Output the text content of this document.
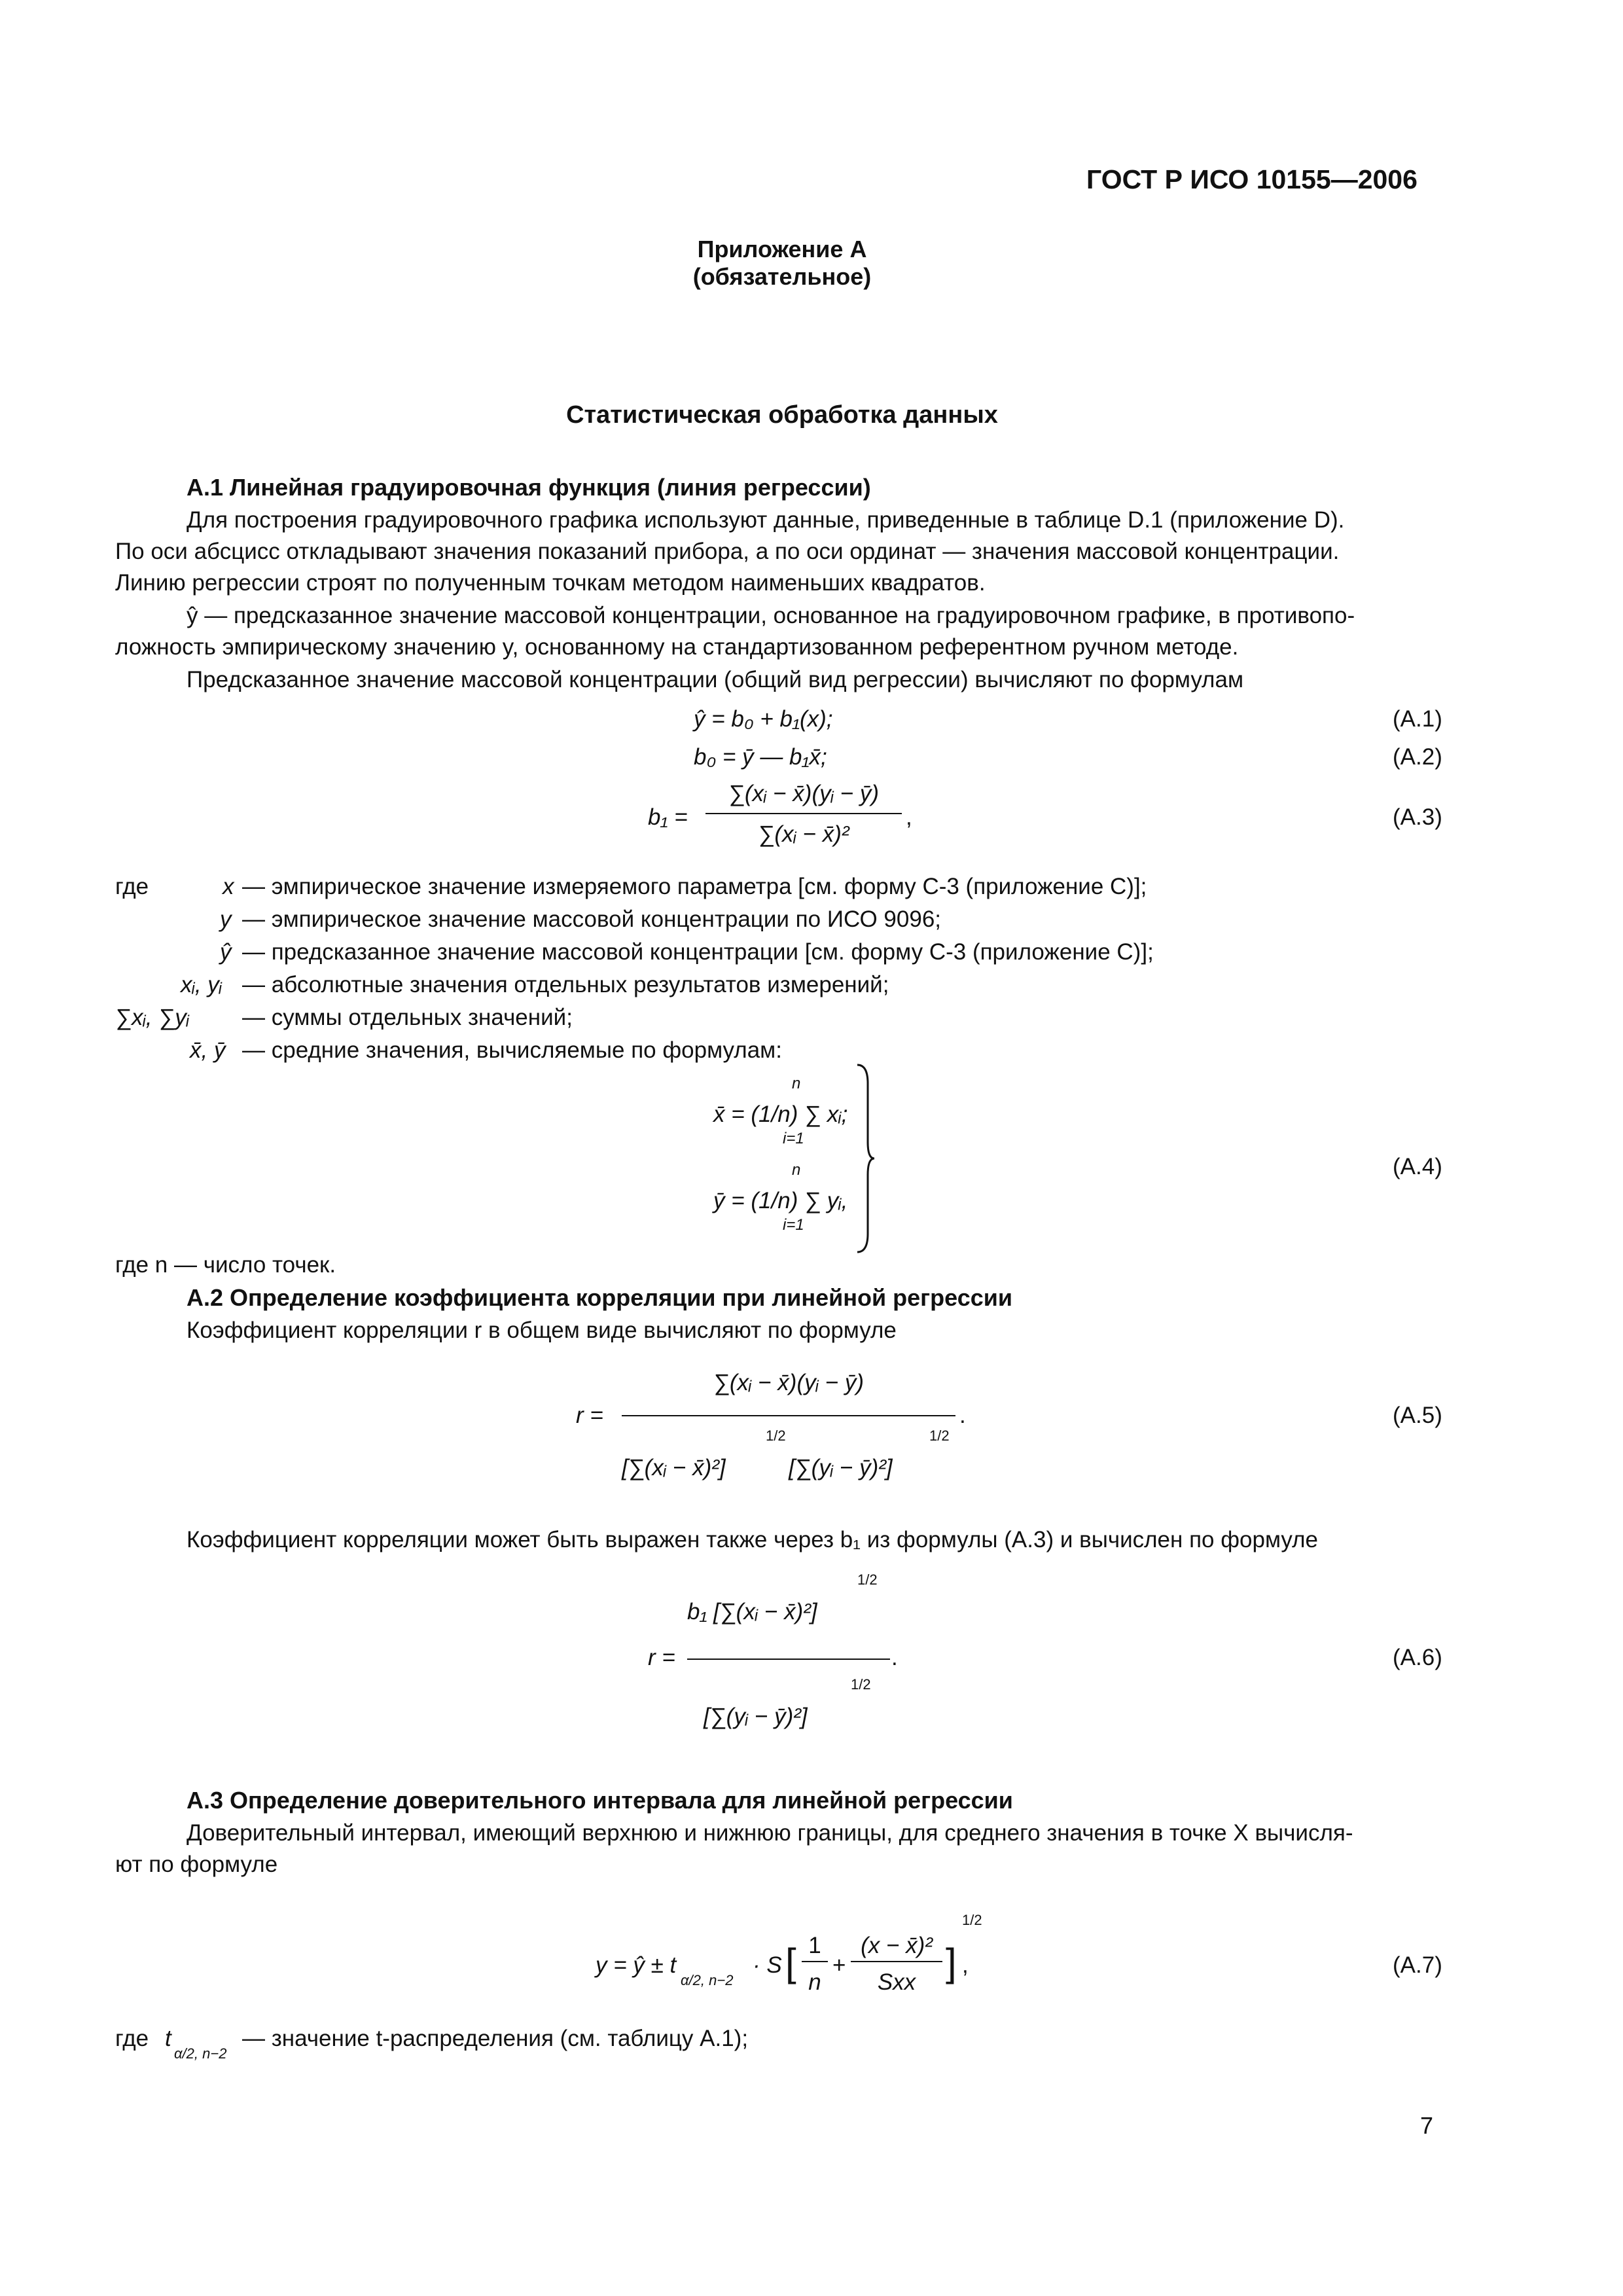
ГОСТ Р ИСО 10155—2006
Приложение А
(обязательное)
Статистическая обработка данных
А.1 Линейная градуировочная функция (линия регрессии)
Для построения градуировочного графика используют данные, приведенные в таблице D.1 (приложение D).
По оси абсцисс откладывают значения показаний прибора, а по оси ординат — значения массовой концентрации.
Линию регрессии строят по полученным точкам методом наименьших квадратов.
ŷ — предсказанное значение массовой концентрации, основанное на градуировочном графике, в противопо-
ложность эмпирическому значению y, основанному на стандартизованном референтном ручном методе.
Предсказанное значение массовой концентрации (общий вид регрессии) вычисляют по формулам
ŷ = b₀ + b₁(x);	(А.1)
b₀ = ȳ — b₁x̄;	(А.2)
b₁ =
∑(xᵢ − x̄)(yᵢ − ȳ)
∑(xᵢ − x̄)²
,	(А.3)
где	x — эмпирическое значение измеряемого параметра [см. форму С-3 (приложение С)];
y — эмпирическое значение массовой концентрации по ИСО 9096;
ŷ — предсказанное значение массовой концентрации [см. форму С-3 (приложение С)];
xᵢ, yᵢ — абсолютные значения отдельных результатов измерений;
∑xᵢ, ∑yᵢ — суммы отдельных значений;
x̄, ȳ — средние значения, вычисляемые по формулам:
x̄ = (1/n) ∑ xᵢ;
n
i=1
ȳ = (1/n) ∑ yᵢ,
n
i=1
(А.4)
где n — число точек.
А.2 Определение коэффициента корреляции при линейной регрессии
Коэффициент корреляции r в общем виде вычисляют по формуле
r =
∑(xᵢ − x̄)(yᵢ − ȳ)
[∑(xᵢ − x̄)²]
1/2
[∑(yᵢ − ȳ)²]
1/2
.	(А.5)
Коэффициент корреляции может быть выражен также через b₁ из формулы (А.3) и вычислен по формуле
r =
b₁ [∑(xᵢ − x̄)²]
1/2
[∑(yᵢ − ȳ)²]
1/2
.	(А.6)
А.3 Определение доверительного интервала для линейной регрессии
Доверительный интервал, имеющий верхнюю и нижнюю границы, для среднего значения в точке X вычисля-
ют по формуле
y = ŷ ± t
α/2, n−2
· S [ 1
n
+
(x − x̄)²
Sxx ]
1/2
,	(А.7)
где t
α/2, n−2
— значение t-распределения (см. таблицу А.1);
7
